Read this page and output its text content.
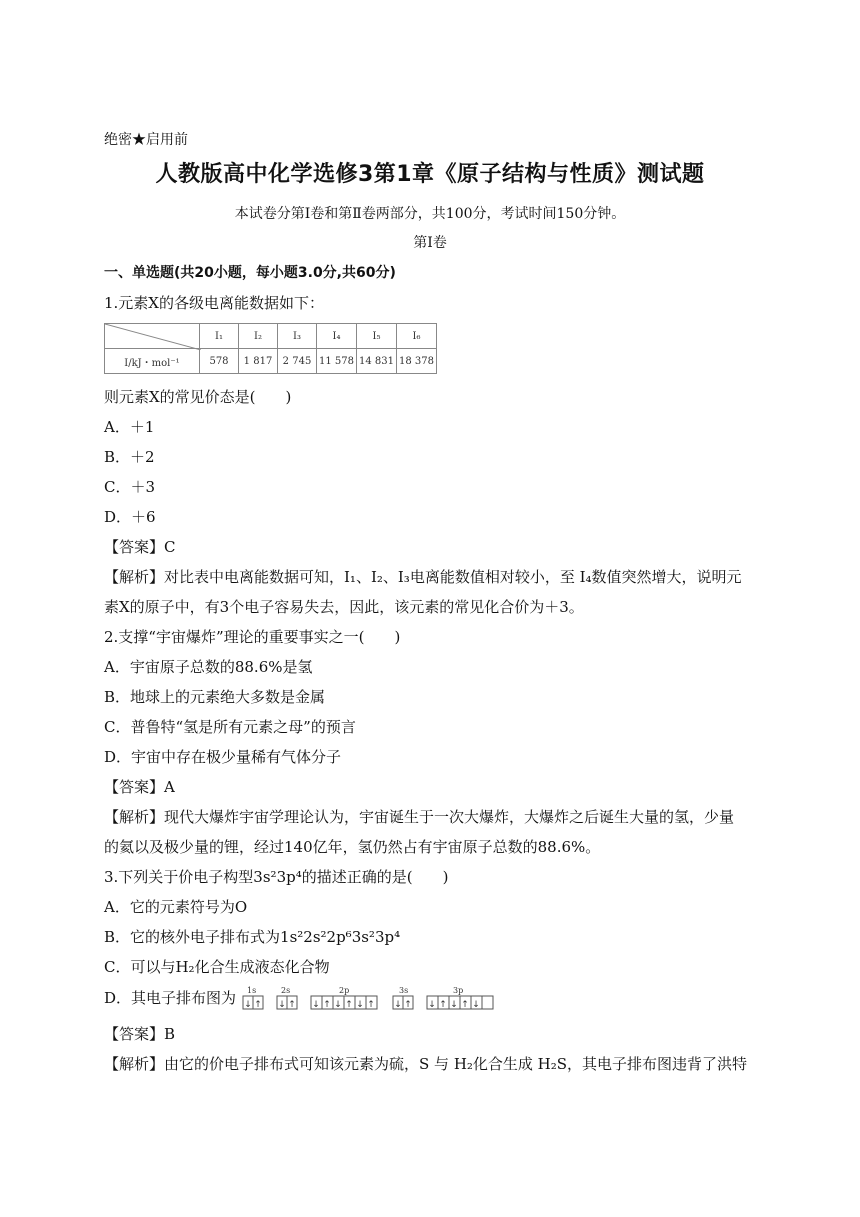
绝密★启用前
人教版高中化学选修3第1章《原子结构与性质》测试题
本试卷分第Ⅰ卷和第Ⅱ卷两部分，共100分，考试时间150分钟。
第Ⅰ卷
一、单选题(共20小题，每小题3.0分,共60分)
1.元素X的各级电离能数据如下：
	I₁	I₂	I₃	I₄	I₅	I₆
I/kJ・mol⁻¹	578	1 817	2 745	11 578	14 831	18 378
则元素X的常见价态是(　　)
A．＋1
B．＋2
C．＋3
D．＋6
【答案】C
【解析】对比表中电离能数据可知，I₁、I₂、I₃电离能数值相对较小，至 I₄数值突然增大，说明元
素X的原子中，有3个电子容易失去，因此，该元素的常见化合价为＋3。
2.支撑“宇宙爆炸”理论的重要事实之一(　　)
A．宇宙原子总数的88.6%是氢
B．地球上的元素绝大多数是金属
C．普鲁特“氢是所有元素之母”的预言
D．宇宙中存在极少量稀有气体分子
【答案】A
【解析】现代大爆炸宇宙学理论认为，宇宙诞生于一次大爆炸，大爆炸之后诞生大量的氢，少量
的氦以及极少量的锂，经过140亿年，氢仍然占有宇宙原子总数的88.6%。
3.下列关于价电子构型3s²3p⁴的描述正确的是(　　)
A．它的元素符号为O
B．它的核外电子排布式为1s²2s²2p⁶3s²3p⁴
C．可以与H₂化合生成液态化合物
D．其电子排布图为 1s	2s	2p	3s	3p
↓ ↑ ↓ ↑ ↓ ↑ ↓ ↑ ↓ ↑ ↓ ↑ ↓ ↑ ↓ ↑ ↓
【答案】B
【解析】由它的价电子排布式可知该元素为硫，S 与 H₂化合生成 H₂S，其电子排布图违背了洪特
